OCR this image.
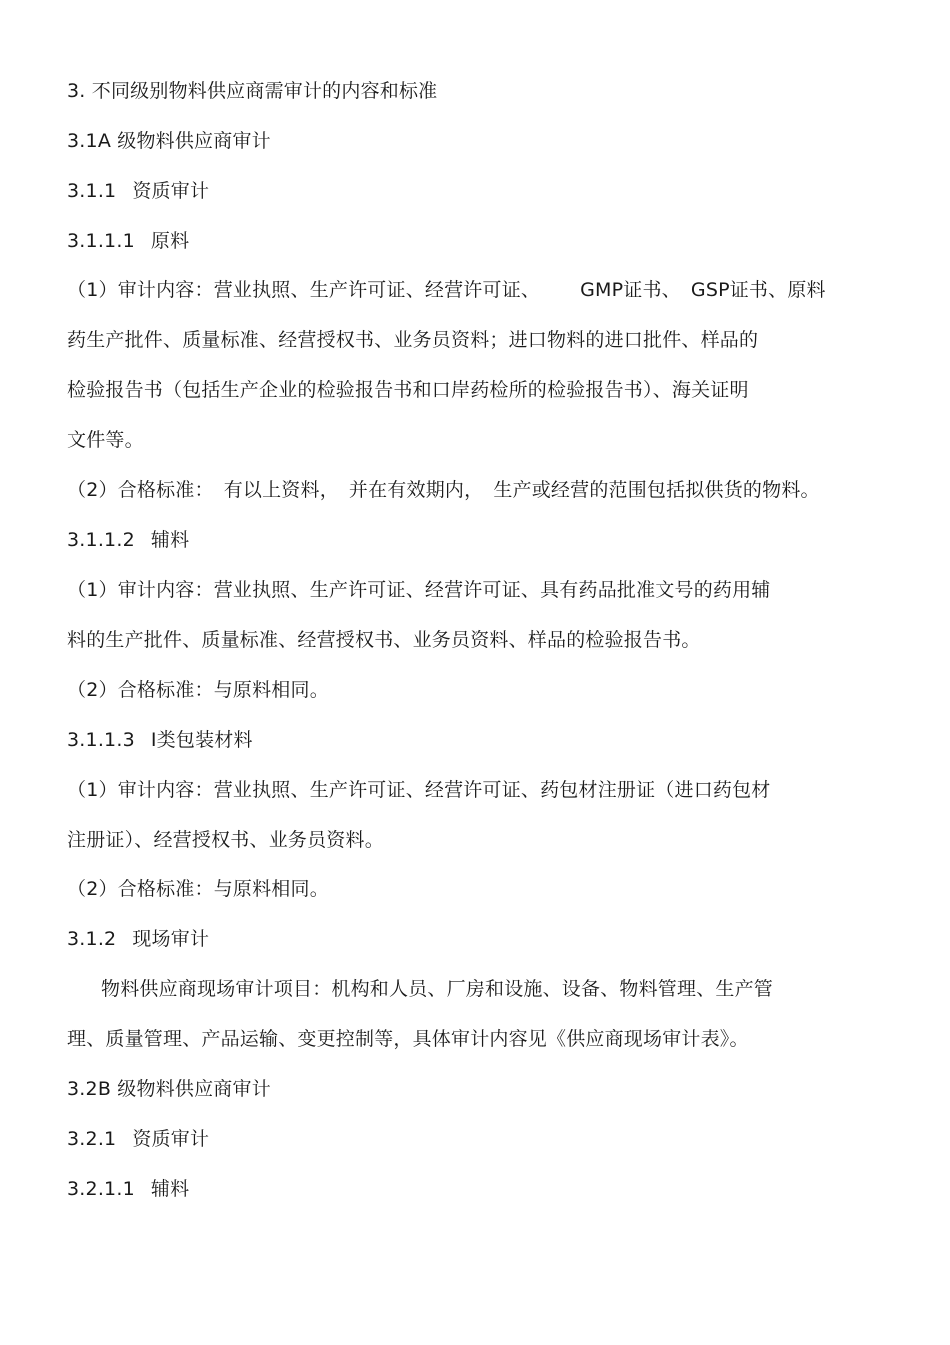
3. 不同级别物料供应商需审计的内容和标准
3.1A 级物料供应商审计
3.1.1 资质审计
3.1.1.1 原料
（1）审计内容：营业执照、生产许可证、经营许可证、 GMP证书、 GSP证书、原料
药生产批件、质量标准、经营授权书、业务员资料；进口物料的进口批件、样品的
检验报告书（包括生产企业的检验报告书和口岸药检所的检验报告书）、海关证明
文件等。
（2）合格标准： 有以上资料， 并在有效期内， 生产或经营的范围包括拟供货的物料。
3.1.1.2 辅料
（1）审计内容：营业执照、生产许可证、经营许可证、具有药品批准文号的药用辅
料的生产批件、质量标准、经营授权书、业务员资料、样品的检验报告书。
（2）合格标准：与原料相同。
3.1.1.3 Ⅰ类包装材料
（1）审计内容：营业执照、生产许可证、经营许可证、药包材注册证（进口药包材
注册证）、经营授权书、业务员资料。
（2）合格标准：与原料相同。
3.1.2 现场审计
物料供应商现场审计项目：机构和人员、厂房和设施、设备、物料管理、生产管
理、质量管理、产品运输、变更控制等，具体审计内容见《供应商现场审计表》。
3.2B 级物料供应商审计
3.2.1 资质审计
3.2.1.1 辅料
